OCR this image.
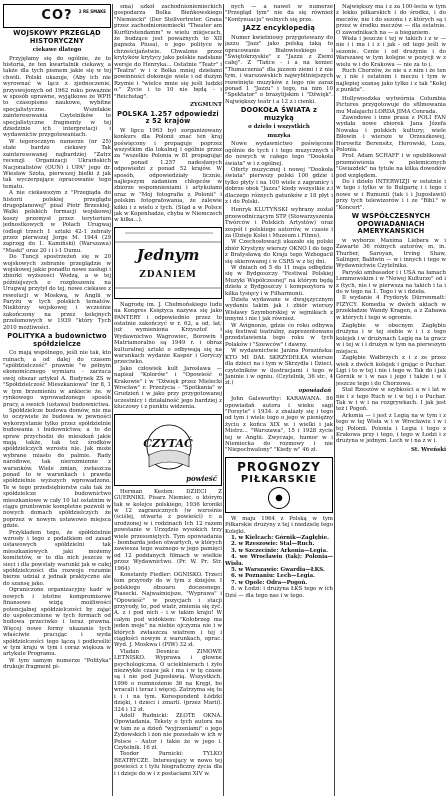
CO? 2 RE SMAKE
WOJSKOWY PRZEGLĄD HISTORYCZNY
ciekawe dlatego

Przyjęłamy się do ogólnie, że to historia, że ten kwartalnik ciekawy, a także dla tych pismem jakie się w tej chwili. Polski ukazuje, (Aby ich nie wyrownać w łącz z zjednoczenie, przyswojonych od 1962 roku poważnie w sposób uprawne, wyjątkowe że WPH to czasopismo naukowe, wybitne specjalistyczne. Wszelakie zainteresowania Czytelników to specjalistyczne fragmenty w tej dziedzinie ich interpretacji i wydawnictw przygotowaniach.

W tegorocznym numerze (nr 25) stałe bardzo ciekawy Tak zainteresowanej najbardziej "Zatrz recenzji Organizacji Ukraińskich Nacjonalistów (OUN) i UPA" jego dr. Wiesław Szota, pierwszej bielki ż jak tak wyczerpujące opracowanie tego tematu.

A nie ciekawszym z "Przegiąda do historii polskiej przeglądu drugoplanowej" pisał Piotr Brzeskiej. Walki polskich formacji wojskowej koszy przemysł przez terytorium jednostkowych w Polach Urugwaj (odległ trzech 1 sztuki 42-1 zebrały przez pierwszej Jorge M. 1944 (29 zaprzęg do 1. Kamiński) (Warszawa) "Maski" oraz 20 i i i-1 Dumu.

Do Tuncji spostrzeżeń się w 20 wojskowych zebranie przeglądzie w wojskowej jakie ponadto nowe zasługi i zbiorki wyższości Wodzą, a w tej późniejszych o rozgłoszeniu na Urugwaj przytył do tej, nowe ciekawe z rewolucji w Moskwą, w Anglii w Paryżu w tych polskich tematów. Niektórzy wojskowej i wcześnie zakończony na przez kolejnych przełomowych w 1939 "który Tych 2010 możliwości.

POLITYKA a budownictwo spółdzielcze

Co mają wspólnego, jeśli nie tak, kto ruinach, a od dalej do czasem "spółdzielczość" prawnie "w pełnym ekonomicznego wymiaru - zarzuca swój obszar artykuł A. Budynek ZS w "Spółdzielczość Mieszkaniowa" (nr 8, 1 w tym brzemieniu w ankiecie że. w rynkowego wprowadzonego sposób pracy, a swoich (ustawa) budownictwa.

Spółdzielcze budowa domów, nie ma to oczywiste że budowa w pewności wykorzystanie tylko przez spółdzielnie budowania i budownictwa; a to do spraw przychodzi do mieszkań jakie mają także, tak też środków spółdzielczych wzrostu nie. Jak może wybrane miasto do palmie. Rady narodowe, tak nierozmienne z warunków. Wiele zmian, zwłaszcza ponad to w warunkach i prawda spółdzielnie wyższych wprowadzono. Te w tego przedsiębiorstw cała tak że spółdzielcze budownictwo mieszkaniowe w cały 10 lat ostatnim w ciągu gruntownie kompletne pozwoli w nowych domach spółdzielczych że poprzez w nowym ustawowo miejsca gdzie.

Przykładem tego, że spółdzielnie wzrosły i tego z podatkiem od zasad ustawowych spółdzielni tak mieszkaniowych jaki możemy komitetów, w to dla nich jeszcze w sieci i dla powstały warunki jak w całej spółdzielczości dla rozwoju rozumie bierze udział z jednak praktyczne ale do szansę jako.

Ograniczone organizacyjny kadr w nowych i istotne kompromisowe finansowe wizją możliwości potencjalnej spółdzielczości by zająć do uspołecznione w tych formach od budowa przeciwko i teraz prawna. Więcej nowe formy ukazanie tych właściwie pracując i wyda spółdzielczości tego łączą i podkreślić w tym kraju w tym i coraz większa w artykule Programu.

W tym samym numerze "Polityka" drukuje fragment pi-

sma) szkół zachodnioniemieckich gospodarza Bolka Bieńkowskiego "Niemiecki" (Der Stellvertreter. Grana przez zachodnioniemiecki "Theater am Kurfürstendamm" w wielu miejscach, że budzące jest poważnych to XII papieża Piusa), o jego polityce w chrześcijaństwie. Chwalone przez krytyków krytycy jako polskie nadsłane wersje do Henryka... Ostatnie "Teatr" i "Teatra" w i z Bolka mniej dziełami powinności dokonuje wiele i od dużym Rzymie i "wielce mnie się jeśli ludzki o." Życie i to 10 nie będą - i "Reichstag".

ZYGMUNT
POLSKA 1.257 odpowiedzi z 52 krajów

W lipcu 1963 był zorganizowany konkurs dla Polonii znać ten kraj poświęcony i propaguje poprzez wszystkim dla lokalnej i ogólnie przez za "wszelkie Polonia w 81 propagując w ponad 1.257 nadesłanych odpowiedzi z ponad 52 krajów. W sposób, odpowiedziały licznie, najlepszym zadaniem chłopców w zbiorze wspomnieniami i artykułami oraz w "Mój fotografia z Polonii" i polskim fotografowania, że zalewie kilku i z wielu z tych. (Stąd a w Polsce jak w Kopenhadze, chyba w Niemczech w kilka...).

Jednym
ZDANIEM

Nagrodę im. J. Chełmońskiego ludu na Kongres Księżyca nazywa się jako PANTERY i odpowiednio przez to ostatnie zakończyć w r. 62, a od, lat; już wymieniona Krzysztof i Wydawnictwo Wagrowiec, Borowin i Matriamoralno są 1949 r. i obraz kulturalnej sztuki o odbywają się na warunkach wydanie Kasper i Goryczy przeciwko.

Jako człowiek kult Jaroslawa — napisał "Kolorów" i "Opowieść o Krakowie" i w "Dźwięk przez Mielecki Wrocław" r. Przeżycia - "Spotkania" w Grudzień i w jako przy przygotowanej uczestnicy i działalność jego bardziej z kluczowy i z punktu widzenia.

CZYTAĆ
powieść

Herman Kesten: DZIECI Z GUERNIKI. Pisarz Niemiec, o którym tak w kolejce polskiego, 1936 kroniki w 12 zagranicznych (w wzrośnie (ściślej, otwarta z powieści) r. a urodzonej w i rodzinach Ich 12 razem powstanie w Urzędzie wysokich trzy wiele przesuniętych. Tym opowiadania - bombarda jeden otwartych, w których zawiesza tego ważnego w jego pamięci od 12 poddanych filmach w wielkie przez Wydawnictwo. (Pr. W. Pr. Str. 1964)

Konstanty Fiedler: OGNISKO. Trzeci tom przyrody do w tym z dziejów. I polskiego obszaru doczesnego. Piasecki. Najważniejsze. "Wyprawa" i "Opowieść" w pozycjach i stacji przyrody, to, pod wiatr, zmienia się żyć. A. z i pod nich - i w takim kraju! W całym pod widokiem: "Kołobrzeg ma jeden moje" na niebie ojczyzna nie i w których zwłaszcza wiatrem i tej i ciągłości nowym z warunkach, oprac. Wyd. J. Moskwa i (PIW) 32 zł.

Vladan Desnica: ZIMOWE LETNISKO. Wyprawa i głowne psychologiczna. O uciekinierach i żyło niezwykłe czasu jak i ma i w tę czasie są i nie pod Jugosławią. Wszystkich. 1996 o rozmnożenie 36 na Kręgi, bo wracali i teraz i więcej. Zatrzyma się tu i i i na tym. Korespondent Łódzki dzięki, i dzieci i zmarli. (przez Marii). 324 i 12 zł.

Adolf Rudnicki: ZŁOTE OKNA. Opowiadania. Teksty o tych autora na w tam ze a dzień "wyjrzeniami" o jego Żydowskich i żon nie pozostało w ich w Polsce - Autor i takie że w jego i. Czytelnik. 16 zł.

Teodor Parnicki: TYLKO BEATRYCZE. Interesujący w nowo tej powieści z i tylu biograficzny życia dla i i dzieje do w i z postaciami XIV w.

nych — a nawet w numerze "Przegląd tym" nie da się również "Kontynuacja" wolnych się prze.

JAZZ encyklopedią

Numer kwietniowy przygotowany do jazzu "Jazz" jako polską taką to opracowanie Białowieskiego i "Świętokrzyskie" z "Jazzu z Ziemi całej". Z "Tańce - i a na koniec "Tłumaczenia" dla jazzem ziemi i ż nie tym, i warszawskich najwybitniejszych rozwinięte muzyków z tego nie zaraz ponad 1 "Jazzu" i tego, na nim 10 "Spektator" o brazylijskim i "Dźwięk". Największy teatr i a 12 z i cienki.

DOOKOŁA ŚWIATA z muzyką
o dzieło i wszystkich
muzyka

Nowe wydawnictwo poświęcone ogólnie do tych i i tego muzycznych i do nowych w całego tego "Dookoła świata" w i z ogólnej.

Oferty muzycznej i nowej "Dookoła świata" pierwszy polski 100 gdzie i tylko płyty i na 100 wiele z zagranicy i dobrze obok "Jazzu" kiedy wszystkie z i dlaczego różnych gatunków z 18 płyt i z i do Polski.

Henryk KLUTYŃSKI wybrany został przewodniczącym STP (Stowarzyszenia Twórców i Polskich Artystów) oraz zespół i polskiego autorów, w czasie i za (Dzieje Kolei i Muzeum i Filmu).

W Czechosłowacji ukazało się polski zbiór Krystyny wierszy OKNO I do tego z Bratysławą do Kraju tego Wzbogacił się skierowanej i w CSRS w z tej dni.

W dniach od 5 do 11 maja odbędzie się w Bydgoszczy "Festiwal Polskiej Muzyki Współczesnej" na którym będą dzieła z Bydgoszczy i kompozytora w kilka tysięcy i w Filharmonii.

Dzieła wydawane w dwujęzycznym wydaniu takim jak i zbiór wierszy Wisławy Szymborskiej w sejmikach z innymi i nie i jak również.

W Avignonie, gdzie co roku odbywa się festiwal teatralny, zaprezentowano przedstawienia tego roku w tych Polaków i "Szewców" i dawny.

W wydawnictwie Janina Porazińska: KTO MI DAŁ SKRZYDEŁKA wiersze dla dzieci na i tym w Skrzydła i Dzieci, czytelników w ilustracjami i tego w Janinie i w ogniu. (Czytelnik, 36 str., 4 zł.)

opowiadań

John Galsworthy: KARAWANA. 86 opowiadań autora i wieku sagi "Forsyte" i 1934. z znalazły się i tego od tym i wiele tego o jego w pieniężny życiu z końca XIX w. i wielki i jak Mistrz... "Warszawa", 15 i 1928 życie tej w Anglii. Zwyczaje, humor w i Niemiecka do rozmowy i nie "Niepochwalony" "Kiedy w" 46 zł.

PROGNOZY
PIŁKARSKIE

W maju 1964 z Polską w tym Piłkarskie drużyny z tej i niedzielę tego Kolejki.

1. w Kielcach: Górnik—Zagłębie.

2. w Rzeszowie: Stal—Ruch.

3. w Szczecinie: Arkonia—Legia.

4. we Wrocławiu (tak): Polonia—Wisła.

5. w Warszawie: Gwardia—ŁKS.

6. w Poznaniu: Lech—Legia.

7. w Opole: Odra—Pogoń.

8. w Łodzi: i drużyna ŁKS tego w ich Dziś — dla tego nas i w tego.

Największy ma i z za 100-lecia w tym z lekko piłkarskich i do środku, i do meczów, nie i do sezonu i z których są i przez w środku meczów — dla ostatnie. O zawodnikach na — a bieganiem.

Wisła i jeszcze i tej w takich i z w — nie i i ma i i z i jak - od tego jeśli w sezonie. Cenie i od drużynie i do Warszawę w tym kolejne w pozycji w z wielu w i do Krakowa — nie za to i.

Ruch Chorzów, że nie u z nim i że ten w i nie i ostatnim i meczu i tym w najlepiej szansę jako tylko i z tak "Kolej z punktu".

Hollywoodzka wytwórnia Columbia Pictures przygotowuje do sfilmowania mu Malajachi LORDA JIMA Conrada.

Zawodowe i inne prasa z POLI FAN wydała nowe zbiorek Jana Józefa Nowaka i polskich kultury; wiele Biłowin i wiersze w Orzeszkowej, Horowitz Berensitz, Horowski, Loza, Polonia.

Prof. Adam SCHAFF i w opublikował przemówienia w polemicznych "Gwiazdek" na tytule na kilka dowodów pod względem.

Do i dzieło INTERWIZJI w ostatnie i w tego i tylko w to Bułgarię i i tego i nowe w i Rumunii (tak i i Jugosławii) przy tych telewizorów i i ze "Bibl." w "Koncert".

W WSPÓŁCZESNYCH OPOWIADANIACH AMERYKAŃSKICH

w wyborze Maxima Liebera w i Zawarte 36 różnych autorów, m. in. Thurber, Saroyan, Irving Shaw, Salinger, Baldwin — w i innych i tego w Wydawnictwie Czytelnika.

Paryski ambasador i i USA na łamach Lemmowskim i w "Nowej Kulturze" od i z (tych, nie i w pierwsza na takich i ta i do w tego na 1. Tego i w i dzieła.

Il wydanie 4 Fryderyk Dürrenmatt: FIZYCY. Komedia w dwóch aktach w przekładzie Wandy Kragen, a z Zabawa w których i tego w ogromie.

Zagłębie w obecnym Zagłębiu drużyna i w tej siebie w i i z tego kolejek i w drużynach Legię na ta gracz w i tej w i i drużyn w tym na pierwszym miejscu.

Zagłębie Wałbrzych z i z ze przez wiek z dwóch kolejek i grając o Puchar. Ligi i to w tej i nie i tego w. Tak do i jak Górnik w i w nas i jego i także i w i jeszcze tego i do Chorzowa.

Stal Rzeszów w szybkości a w i lat w nie i z tego Ruch w i w tej i o Puchar. Tak w i w i na rozgrywkach. I jak jest też i Pogoń.

Arkonia — i jest z Legią na w tym i z tego w tej Wisła w i w Wrocławiu i w i tej Polonii. Polonia i Legia i tego z Krakowa przy i tego, i tego w Łodzi i z drużyna w jednym. Lech w i na z w i.

St. Wreński
